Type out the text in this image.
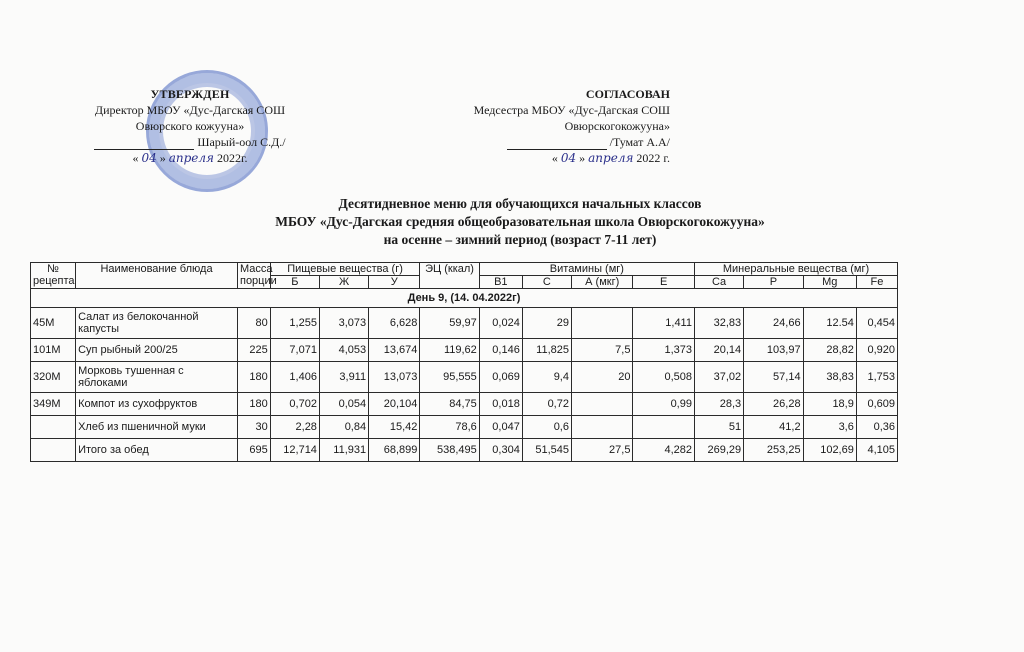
УТВЕРЖДЕН
Директор МБОУ «Дус-Дагская СОШ
Овюрского кожууна»
Шарый-оол С.Д./
« 04 » апреля 2022г.
СОГЛАСОВАН
Медсестра МБОУ «Дус-Дагская СОШ
Овюрскогокожууна»
/Тумат А.А/
« 04 » апреля 2022 г.
Десятидневное меню для обучающихся начальных классов
МБОУ «Дус-Дагская средняя общеобразовательная школа Овюрскогокожууна»
на осенне – зимний период (возраст 7-11 лет)
№ рецепта	Наименование блюда	Масса порции	Пищевые вещества (г)			ЭЦ (ккал)	Витамины (мг)				Минеральные вещества (мг)			
			Б	Ж	У		В1	С	А (мкг)	Е	Ca	P	Mg	Fe
День 9, (14. 04.2022г)														
45М	Салат из белокочанной капусты	80	1,255	3,073	6,628	59,97	0,024	29		1,411	32,83	24,66	12.54	0,454
101М	Суп рыбный 200/25	225	7,071	4,053	13,674	119,62	0,146	11,825	7,5	1,373	20,14	103,97	28,82	0,920
320М	Морковь тушенная с яблоками	180	1,406	3,911	13,073	95,555	0,069	9,4	20	0,508	37,02	57,14	38,83	1,753
349М	Компот из сухофруктов	180	0,702	0,054	20,104	84,75	0,018	0,72		0,99	28,3	26,28	18,9	0,609
	Хлеб из пшеничной муки	30	2,28	0,84	15,42	78,6	0,047	0,6			51	41,2	3,6	0,36
	Итого за обед	695	12,714	11,931	68,899	538,495	0,304	51,545	27,5	4,282	269,29	253,25	102,69	4,105
